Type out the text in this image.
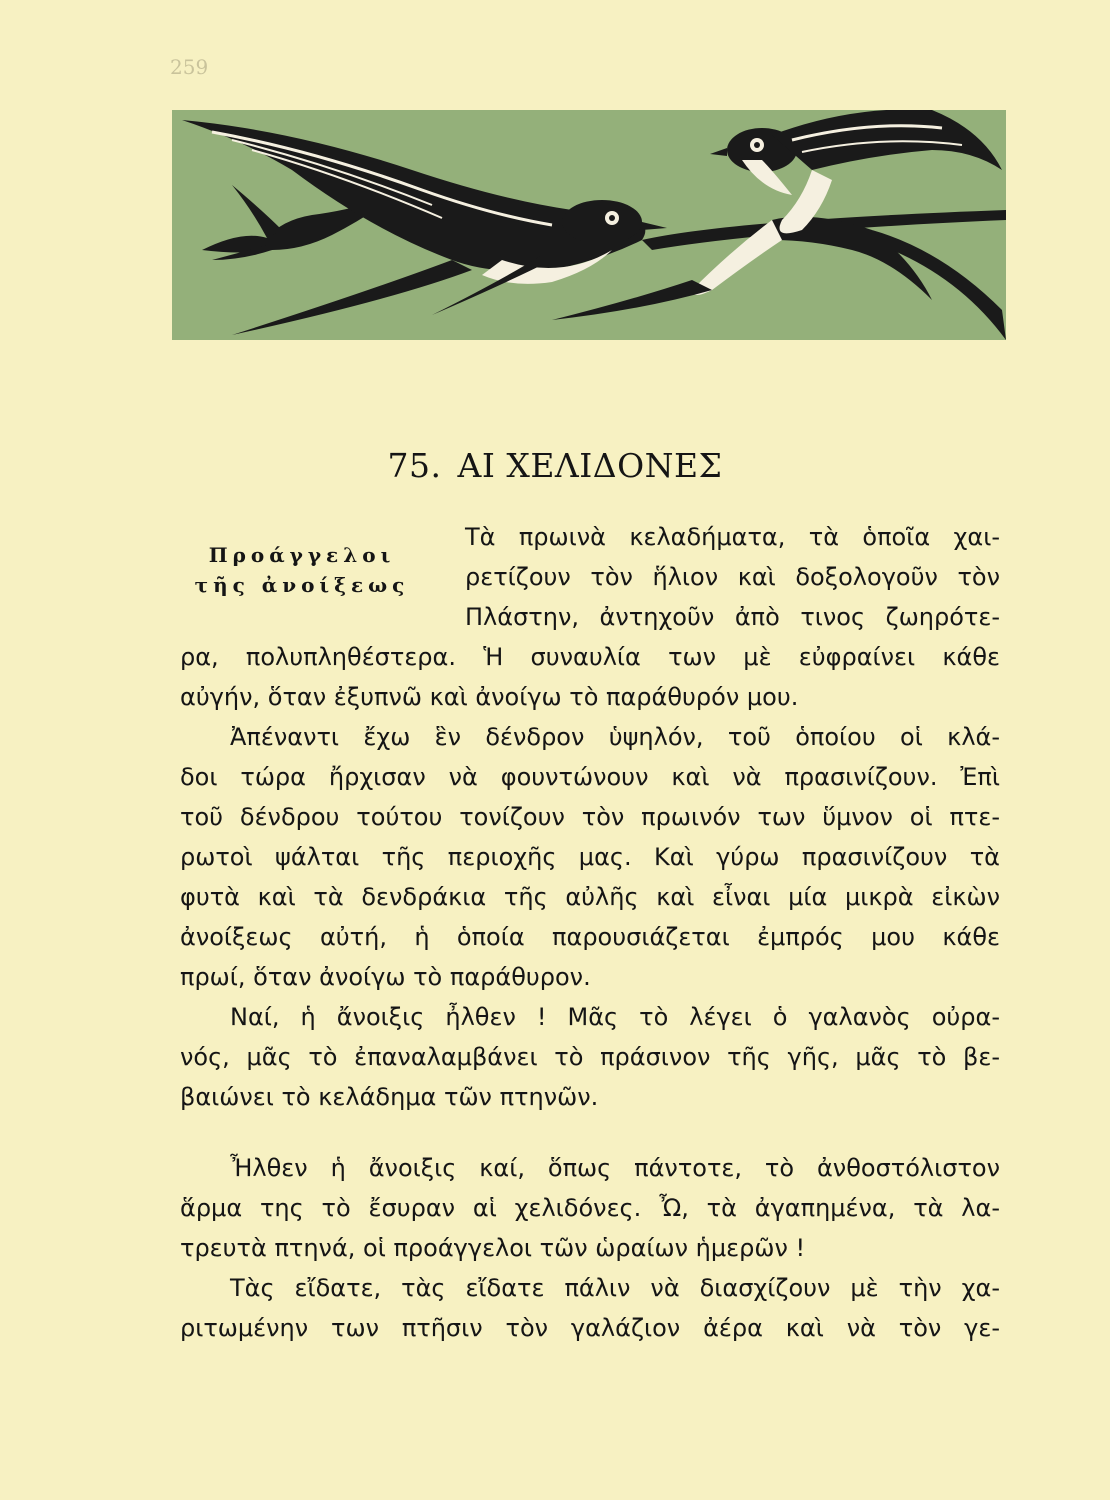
259
75. ΑΙ ΧΕΛΙΔΟΝΕΣ
Πρoάγγελοι
τῆς ἀνοίξεως
Τὰ πρωινὰ κελαδήματα, τὰ ὁποῖα χαι-
ρετίζουν τὸν ἥλιον καὶ δοξολογοῦν τὸν
Πλάστην, ἀντηχοῦν ἀπὸ τινος ζωηρότε-
ρα, πολυπληθέστερα. Ἡ συναυλία των μὲ εὐφραίνει κάθε
αὐγήν, ὅταν ἐξυπνῶ καὶ ἀνοίγω τὸ παράθυρόν μου.
Ἀπέναντι ἔχω ἓν δένδρον ὑψηλόν, τοῦ ὁποίου οἱ κλά-
δοι τώρα ἤρχισαν νὰ φουντώνουν καὶ νὰ πρασινίζουν. Ἐπὶ
τοῦ δένδρου τούτου τονίζουν τὸν πρωινόν των ὕμνον οἱ πτε-
ρωτοὶ ψάλται τῆς περιοχῆς μας. Καὶ γύρω πρασινίζουν τὰ
φυτὰ καὶ τὰ δενδράκια τῆς αὐλῆς καὶ εἶναι μία μικρὰ εἰκὼν
ἀνοίξεως αὐτή, ἡ ὁποία παρουσιάζεται ἐμπρός μου κάθε
πρωί, ὅταν ἀνοίγω τὸ παράθυρον.
Ναί, ἡ ἄνοιξις ἦλθεν ! Μᾶς τὸ λέγει ὁ γαλανὸς οὐρα-
νός, μᾶς τὸ ἐπαναλαμβάνει τὸ πράσινον τῆς γῆς, μᾶς τὸ βε-
βαιώνει τὸ κελάδημα τῶν πτηνῶν.
Ἦλθεν ἡ ἄνοιξις καί, ὅπως πάντοτε, τὸ ἀνθοστόλιστον
ἅρμα της τὸ ἔσυραν αἱ χελιδόνες. Ὦ, τὰ ἀγαπημένα, τὰ λα-
τρευτὰ πτηνά, οἱ προάγγελοι τῶν ὡραίων ἡμερῶν !
Τὰς εἴδατε, τὰς εἴδατε πάλιν νὰ διασχίζουν μὲ τὴν χα-
ριτωμένην των πτῆσιν τὸν γαλάζιον ἀέρα καὶ νὰ τὸν γε-
